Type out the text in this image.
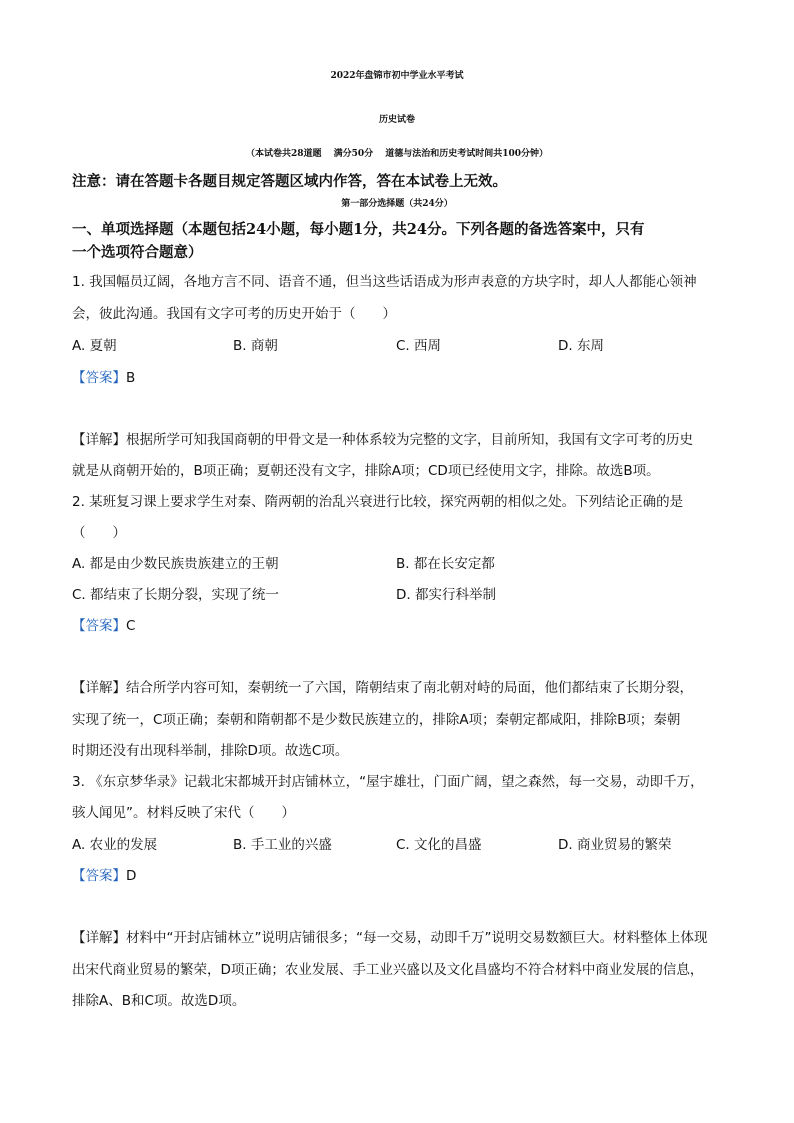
2022年盘锦市初中学业水平考试
历史试卷
（本试卷共28道题　 满分50分　 道德与法治和历史考试时间共100分钟）
注意：请在答题卡各题目规定答题区域内作答，答在本试卷上无效。
第一部分选择题（共24分）
一、单项选择题（本题包括24小题，每小题1分，共24分。下列各题的备选答案中，只有
一个选项符合题意）
1. 我国幅员辽阔，各地方言不同、语音不通，但当这些话语成为形声表意的方块字时，却人人都能心领神
会，彼此沟通。我国有文字可考的历史开始于（　　）
A. 夏朝	B. 商朝	C. 西周	D. 东周
【答案】B
【详解】根据所学可知我国商朝的甲骨文是一种体系较为完整的文字，目前所知，我国有文字可考的历史
就是从商朝开始的，B项正确；夏朝还没有文字，排除A项；CD项已经使用文字，排除。故选B项。
2. 某班复习课上要求学生对秦、隋两朝的治乱兴衰进行比较，探究两朝的相似之处。下列结论正确的是
（　　）
A. 都是由少数民族贵族建立的王朝	B. 都在长安定都
C. 都结束了长期分裂，实现了统一	D. 都实行科举制
【答案】C
【详解】结合所学内容可知，秦朝统一了六国，隋朝结束了南北朝对峙的局面，他们都结束了长期分裂，
实现了统一，C项正确；秦朝和隋朝都不是少数民族建立的，排除A项；秦朝定都咸阳，排除B项；秦朝
时期还没有出现科举制，排除D项。故选C项。
3. 《东京梦华录》记载北宋都城开封店铺林立，“屋宇雄壮，门面广阔，望之森然，每一交易，动即千万，
骇人闻见”。材料反映了宋代（　　）
A. 农业的发展	B. 手工业的兴盛	C. 文化的昌盛	D. 商业贸易的繁荣
【答案】D
【详解】材料中“开封店铺林立”说明店铺很多；“每一交易，动即千万”说明交易数额巨大。材料整体上体现
出宋代商业贸易的繁荣，D项正确；农业发展、手工业兴盛以及文化昌盛均不符合材料中商业发展的信息，
排除A、B和C项。故选D项。
